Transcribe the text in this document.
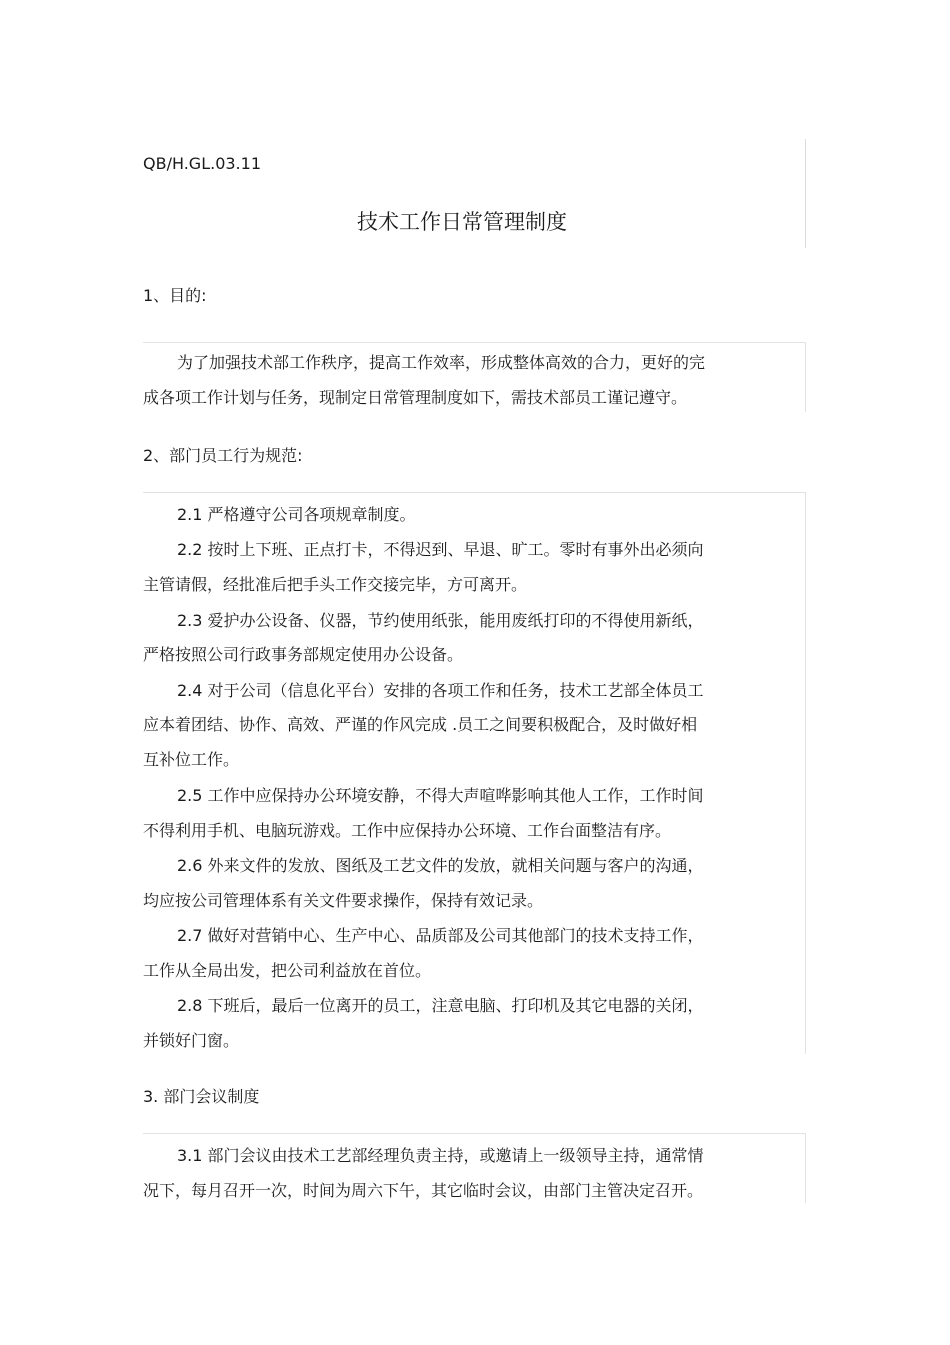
QB/H.GL.03.11
技术工作日常管理制度
1、目的:
为了加强技术部工作秩序，提高工作效率，形成整体高效的合力，更好的完
成各项工作计划与任务，现制定日常管理制度如下，需技术部员工谨记遵守。
2、部门员工行为规范:
2.1 严格遵守公司各项规章制度。
2.2 按时上下班、正点打卡，不得迟到、早退、旷工。零时有事外出必须向
主管请假，经批准后把手头工作交接完毕，方可离开。
2.3 爱护办公设备、仪器，节约使用纸张，能用废纸打印的不得使用新纸，
严格按照公司行政事务部规定使用办公设备。
2.4 对于公司（信息化平台）安排的各项工作和任务，技术工艺部全体员工
应本着团结、协作、高效、严谨的作风完成 .员工之间要积极配合，及时做好相
互补位工作。
2.5 工作中应保持办公环境安静，不得大声喧哗影响其他人工作，工作时间
不得利用手机、电脑玩游戏。工作中应保持办公环境、工作台面整洁有序。
2.6 外来文件的发放、图纸及工艺文件的发放，就相关问题与客户的沟通，
均应按公司管理体系有关文件要求操作，保持有效记录。
2.7 做好对营销中心、生产中心、品质部及公司其他部门的技术支持工作，
工作从全局出发，把公司利益放在首位。
2.8 下班后，最后一位离开的员工，注意电脑、打印机及其它电器的关闭，
并锁好门窗。
3. 部门会议制度
3.1 部门会议由技术工艺部经理负责主持，或邀请上一级领导主持，通常情
况下，每月召开一次，时间为周六下午，其它临时会议，由部门主管决定召开。
